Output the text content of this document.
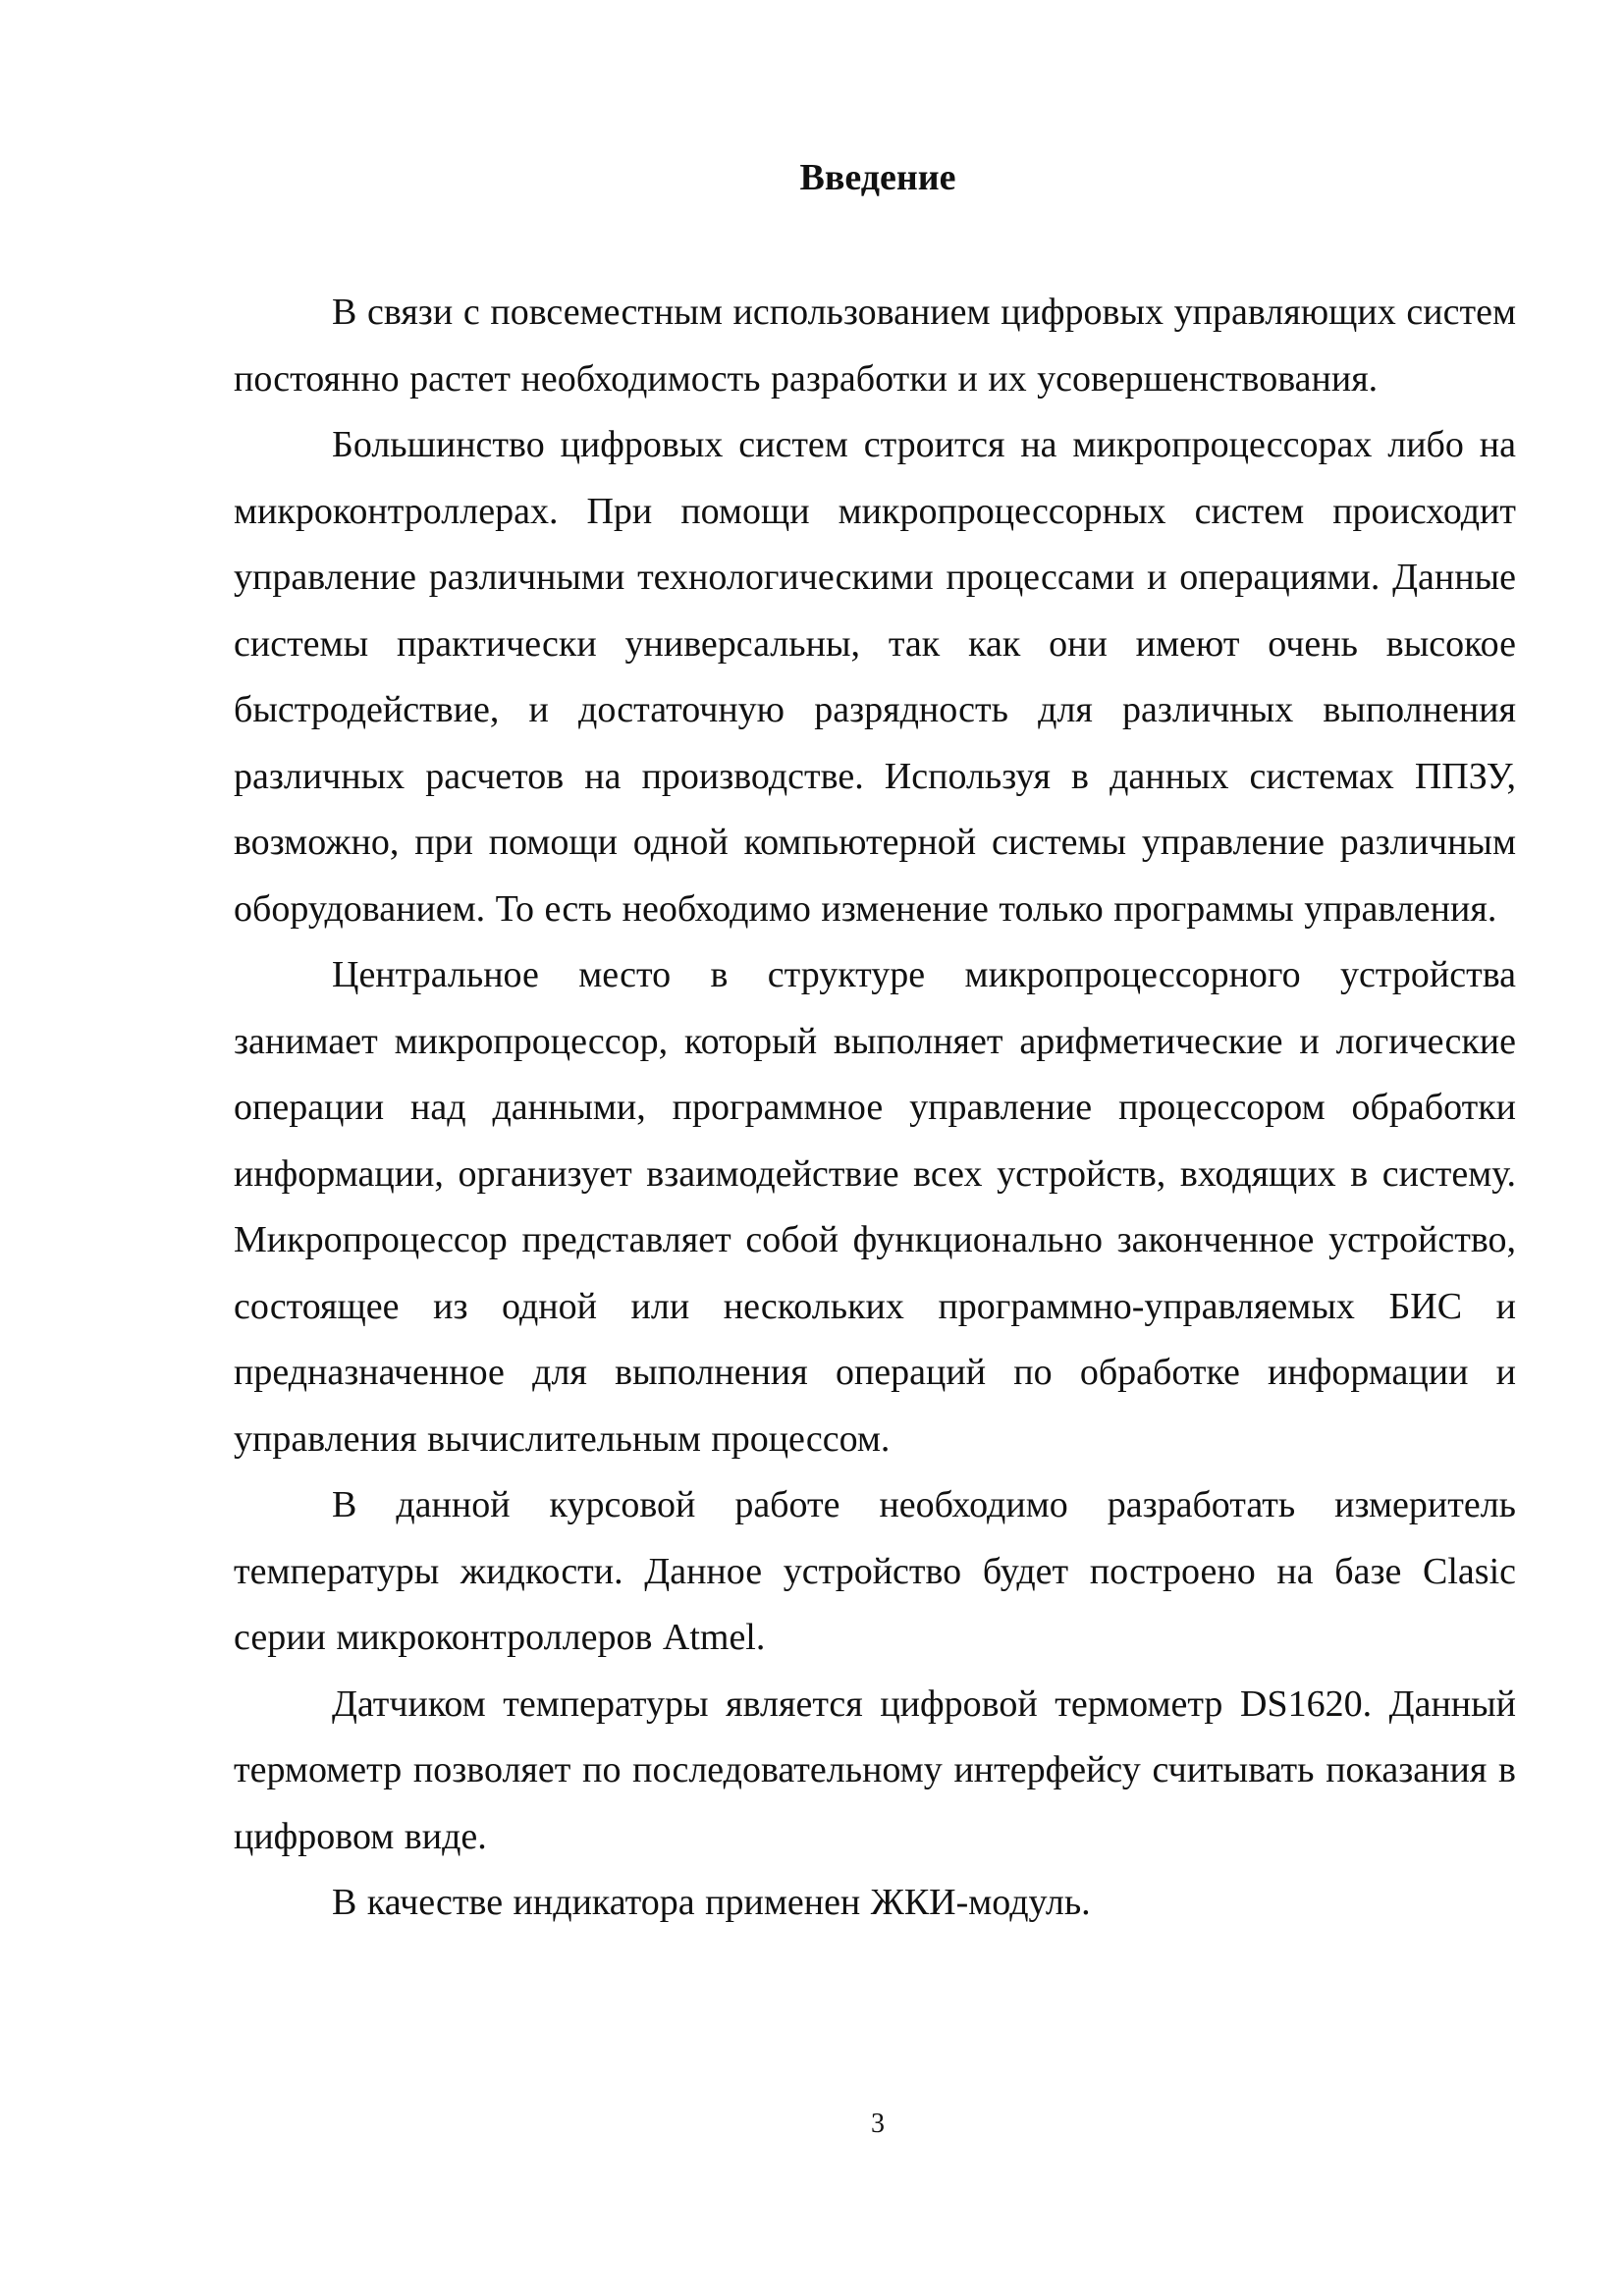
Введение

В связи с повсеместным использованием цифровых управляющих систем постоянно растет необходимость разработки и их усовершенствования.

Большинство цифровых систем строится на микропроцессорах либо на микроконтроллерах. При помощи микропроцессорных систем происходит управление различными технологическими процессами и операциями. Данные системы практически универсальны, так как они имеют очень высокое быстродействие, и достаточную разрядность для различных выполнения различных расчетов на производстве. Используя в данных системах ППЗУ, возможно, при помощи одной компьютерной системы управление различным оборудованием. То есть необходимо изменение только программы управления.

Центральное место в структуре микропроцессорного устройства занимает микропроцессор, который выполняет арифметические и логические операции над данными, программное управление процессором обработки информации, организует взаимодействие всех устройств, входящих в систему. Микропроцессор представляет собой функционально законченное устройство, состоящее из одной или нескольких программно-управляемых БИС и предназначенное для выполнения операций по обработке информации и управления вычислительным процессом.

В данной курсовой работе необходимо разработать измеритель температуры жидкости. Данное устройство будет построено на базе Clasic серии микроконтроллеров Atmel.

Датчиком температуры является цифровой термометр DS1620. Данный термометр позволяет по последовательному интерфейсу считывать показания в цифровом виде.

В качестве индикатора применен ЖКИ-модуль.

3
